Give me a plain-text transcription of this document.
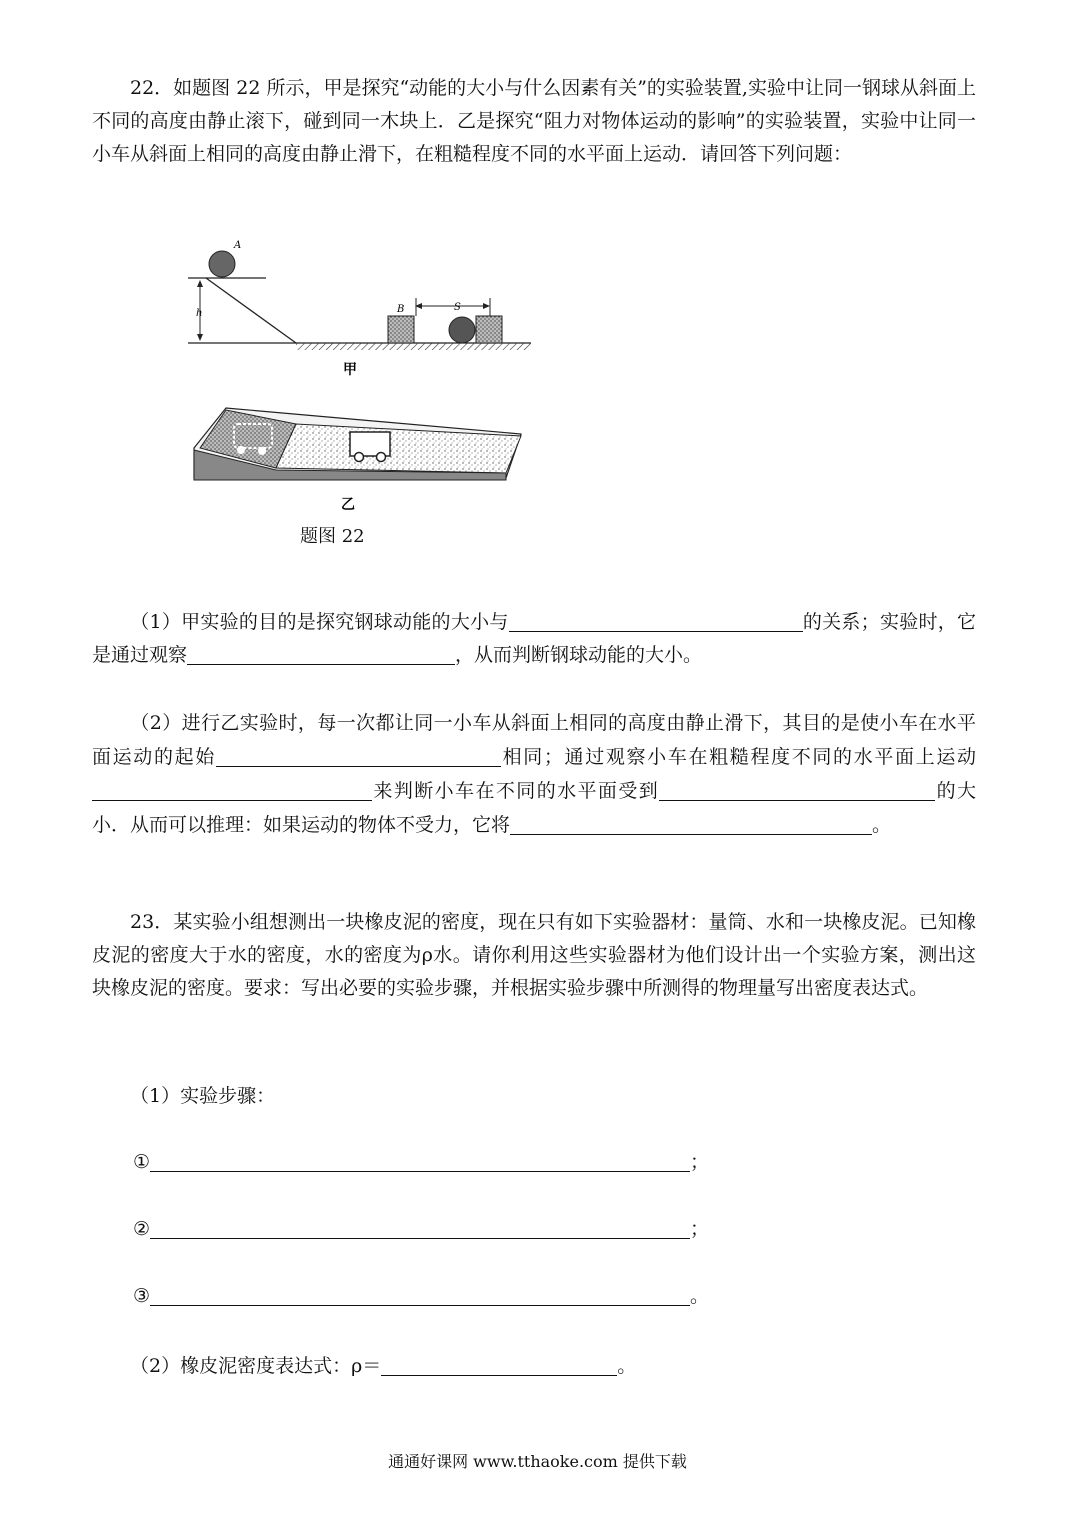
22．如题图 22 所示，甲是探究“动能的大小与什么因素有关”的实验装置,实验中让同一钢球从斜面上不同的高度由静止滚下，碰到同一木块上．乙是探究“阻力对物体运动的影响”的实验装置，实验中让同一小车从斜面上相同的高度由静止滑下，在粗糙程度不同的水平面上运动．请回答下列问题：

A
h	B	S
甲
乙
题图 22
（1）甲实验的目的是探究钢球动能的大小与	的关系；实验时，它是通过观察	，从而判断钢球动能的大小。
（2）进行乙实验时，每一次都让同一小车从斜面上相同的高度由静止滑下，其目的是使小车在水平面运动的起始	相同；通过观察小车在粗糙程度不同的水平面上运动来判断小车在不同的水平面受到	的大小．从而可以推理：如果运动的物体不受力，它将	。

23．某实验小组想测出一块橡皮泥的密度，现在只有如下实验器材：量筒、水和一块橡皮泥。已知橡皮泥的密度大于水的密度，水的密度为ρ水。请你利用这些实验器材为他们设计出一个实验方案，测出这块橡皮泥的密度。要求：写出必要的实验步骤，并根据实验步骤中所测得的物理量写出密度表达式。

（1）实验步骤：
①	；
②	；
③	。
（2）橡皮泥密度表达式：ρ＝	。
通通好课网 www.tthaoke.com 提供下载
